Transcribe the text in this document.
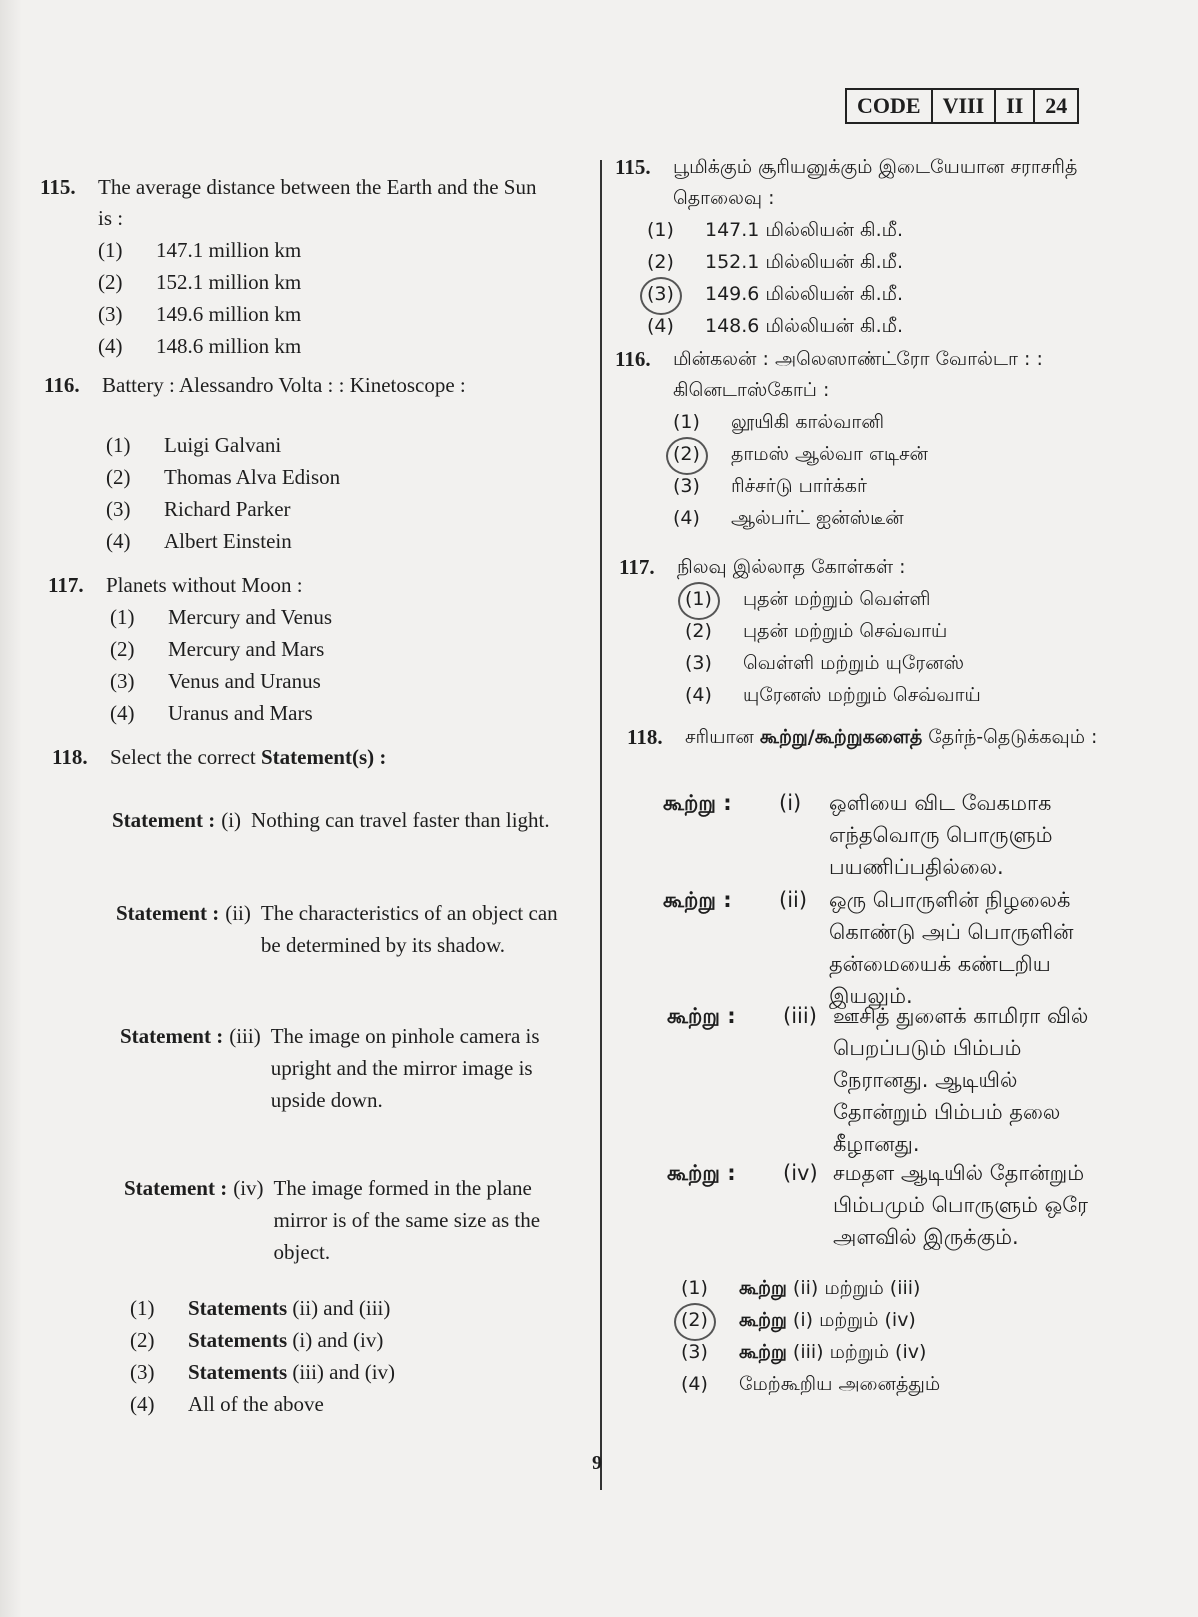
CODE	VIII	II	24
115.	The average distance between the Earth and the Sun is :
(1)	147.1 million km
(2)	152.1 million km
(3)	149.6 million km
(4)	148.6 million km
116.	Battery : Alessandro Volta : : Kinetoscope :
(1)	Luigi Galvani
(2)	Thomas Alva Edison
(3)	Richard Parker
(4)	Albert Einstein
117.	Planets without Moon :
(1)	Mercury and Venus
(2)	Mercury and Mars
(3)	Venus and Uranus
(4)	Uranus and Mars
118.	Select the correct Statement(s) :
Statement : (i) Nothing can travel faster than light.
Statement : (ii) The characteristics of an object can be determined by its shadow.
Statement : (iii) The image on pinhole camera is upright and the mirror image is upside down.
Statement : (iv) The image formed in the plane mirror is of the same size as the object.
(1)	Statements
(ii) and (iii)
(2)	Statements
(i) and (iv)
(3)	Statements
(iii) and (iv)
(4)	All of the above
115.	பூமிக்கும் சூரியனுக்கும் இடையேயான சராசரித் தொலைவு :
(1)	147.1 மில்லியன் கி.மீ.
(2)	152.1 மில்லியன் கி.மீ.
(3)	149.6 மில்லியன் கி.மீ.
(4)	148.6 மில்லியன் கி.மீ.
116.	மின்கலன் : அலெஸாண்ட்ரோ வோல்டா : : கினெடாஸ்கோப் :
(1)	லூயிகி கால்வானி
(2)	தாமஸ் ஆல்வா எடிசன்
(3)	ரிச்சர்டு பார்க்கர்
(4)	ஆல்பர்ட் ஐன்ஸ்டீன்
117.	நிலவு இல்லாத கோள்கள் :
(1)	புதன் மற்றும் வெள்ளி
(2)	புதன் மற்றும் செவ்வாய்
(3)	வெள்ளி மற்றும் யுரேனஸ்
(4)	யுரேனஸ் மற்றும் செவ்வாய்
118.	சரியான கூற்று/கூற்றுகளைத் தேர்ந்-தெடுக்கவும் :
கூற்று :	(i)	ஒளியை விட வேகமாக எந்தவொரு பொருளும் பயணிப்பதில்லை.
கூற்று :	(ii)	ஒரு பொருளின் நிழலைக் கொண்டு அப் பொருளின் தன்மையைக் கண்டறிய இயலும்.
கூற்று :	(iii) ஊசித் துளைக் காமிரா வில் பெறப்படும் பிம்பம் நேரானது. ஆடியில் தோன்றும் பிம்பம் தலை கீழானது.
கூற்று :	(iv) சமதள ஆடியில் தோன்றும் பிம்பமும் பொருளும் ஒரே அளவில் இருக்கும்.
(1)	கூற்று
(ii) மற்றும் (iii)
(2)	கூற்று
(i) மற்றும் (iv)
(3)	கூற்று
(iii) மற்றும் (iv)
(4)	மேற்கூறிய அனைத்தும்
9
